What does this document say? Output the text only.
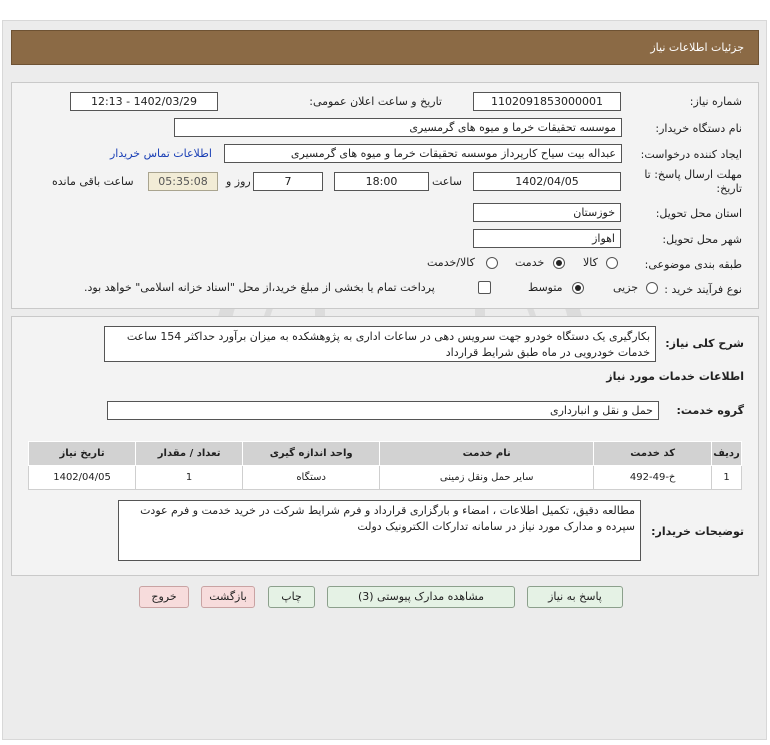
جزئیات اطلاعات نیاز
شماره نیاز:
1102091853000001
تاریخ و ساعت اعلان عمومی:
1402/03/29 - 12:13
نام دستگاه خریدار:
موسسه تحقیقات خرما و میوه های گرمسیری
ایجاد کننده درخواست:
عبداله بیت سیاح کارپرداز موسسه تحقیقات خرما و میوه های گرمسیری
اطلاعات تماس خریدار
مهلت ارسال پاسخ: تا
تاریخ:
1402/04/05
ساعت
18:00
7
روز و
05:35:08
ساعت باقی مانده
استان محل تحویل:
خوزستان
شهر محل تحویل:
اهواز
طبقه بندی موضوعی:
کالا
خدمت
کالا/خدمت
نوع فرآیند خرید :
جزیی
متوسط
پرداخت تمام یا بخشی از مبلغ خرید،از محل "اسناد خزانه اسلامی" خواهد بود.
شرح کلی نیاز:
بکارگیری یک دستگاه خودرو جهت سرویس دهی در ساعات اداری به پژوهشکده به میزان برآورد حداکثر 154 ساعت خدمات خودرویی در ماه طبق شرایط قرارداد
اطلاعات خدمات مورد نیاز
گروه خدمت:
حمل و نقل و انبارداری
ردیف	کد خدمت	نام خدمت	واحد اندازه گیری	تعداد / مقدار	تاریخ نیاز
1	خ-49-492	سایر حمل ونقل زمینی	دستگاه	1	1402/04/05
توضیحات خریدار:
مطالعه دقیق، تکمیل اطلاعات ، امضاء و بارگزاری قرارداد و فرم شرایط شرکت در خرید خدمت و فرم عودت سپرده و مدارک مورد نیاز در سامانه تدارکات الکترونیک دولت
پاسخ به نیاز
مشاهده مدارک پیوستی (3)
چاپ
بازگشت
خروج
